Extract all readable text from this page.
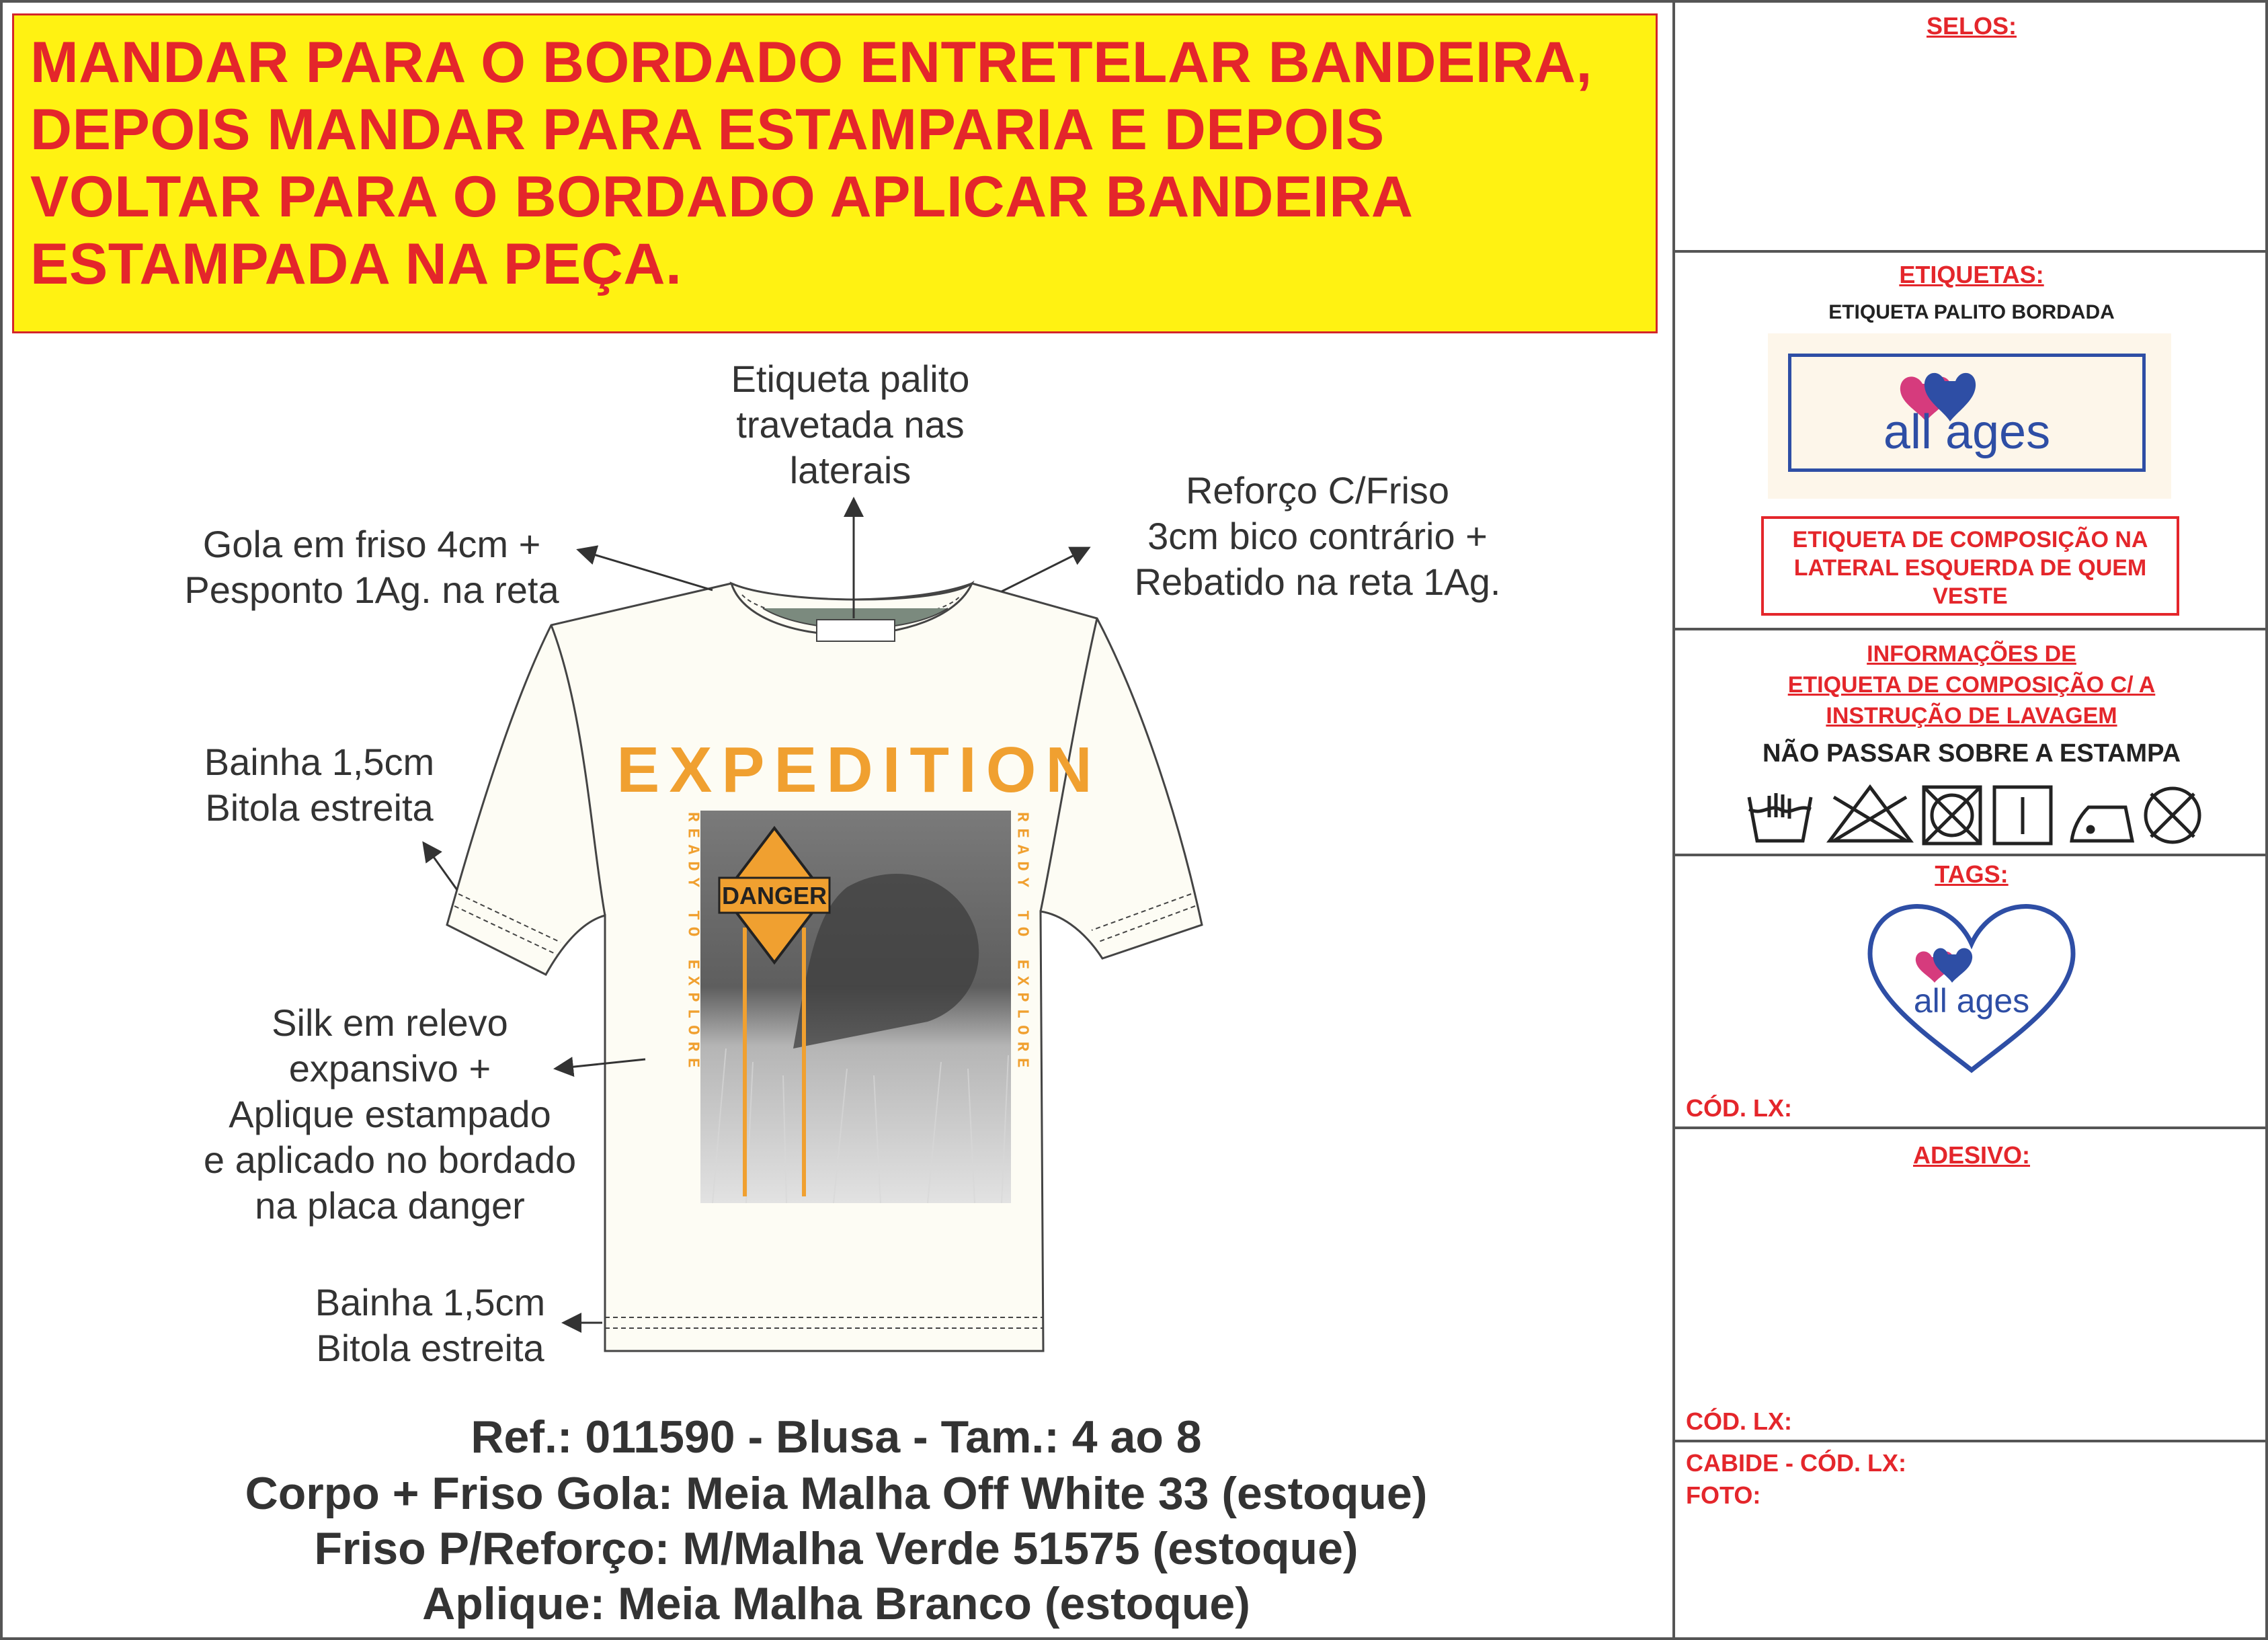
MANDAR PARA O BORDADO ENTRETELAR BANDEIRA,
DEPOIS MANDAR PARA ESTAMPARIA E DEPOIS
VOLTAR PARA O BORDADO APLICAR BANDEIRA
ESTAMPADA NA PEÇA.
EXPEDITION
DANGER
READY TO EXPLORE	READY TO EXPLORE
Etiqueta palito
travetada nas
laterais
Gola em friso 4cm +
Pesponto 1Ag. na reta
Reforço C/Friso
3cm bico contrário +
Rebatido na reta 1Ag.
Bainha 1,5cm
Bitola estreita
Silk em relevo
expansivo +
Aplique estampado
e aplicado no bordado
na placa danger
Bainha 1,5cm
Bitola estreita
Ref.: 011590 - Blusa - Tam.: 4 ao 8
Corpo + Friso Gola: Meia Malha Off White 33 (estoque)
Friso P/Reforço: M/Malha Verde 51575 (estoque)
Aplique: Meia Malha Branco (estoque)
SELOS:
ETIQUETAS:
ETIQUETA PALITO BORDADA
all ages
ETIQUETA DE COMPOSIÇÃO NA
LATERAL ESQUERDA DE QUEM
VESTE
INFORMAÇÕES DE
ETIQUETA DE COMPOSIÇÃO C/ A
INSTRUÇÃO DE LAVAGEM
NÃO PASSAR SOBRE A ESTAMPA
TAGS:
all ages
CÓD. LX:
ADESIVO:
CÓD. LX:
CABIDE - CÓD. LX:
FOTO:
